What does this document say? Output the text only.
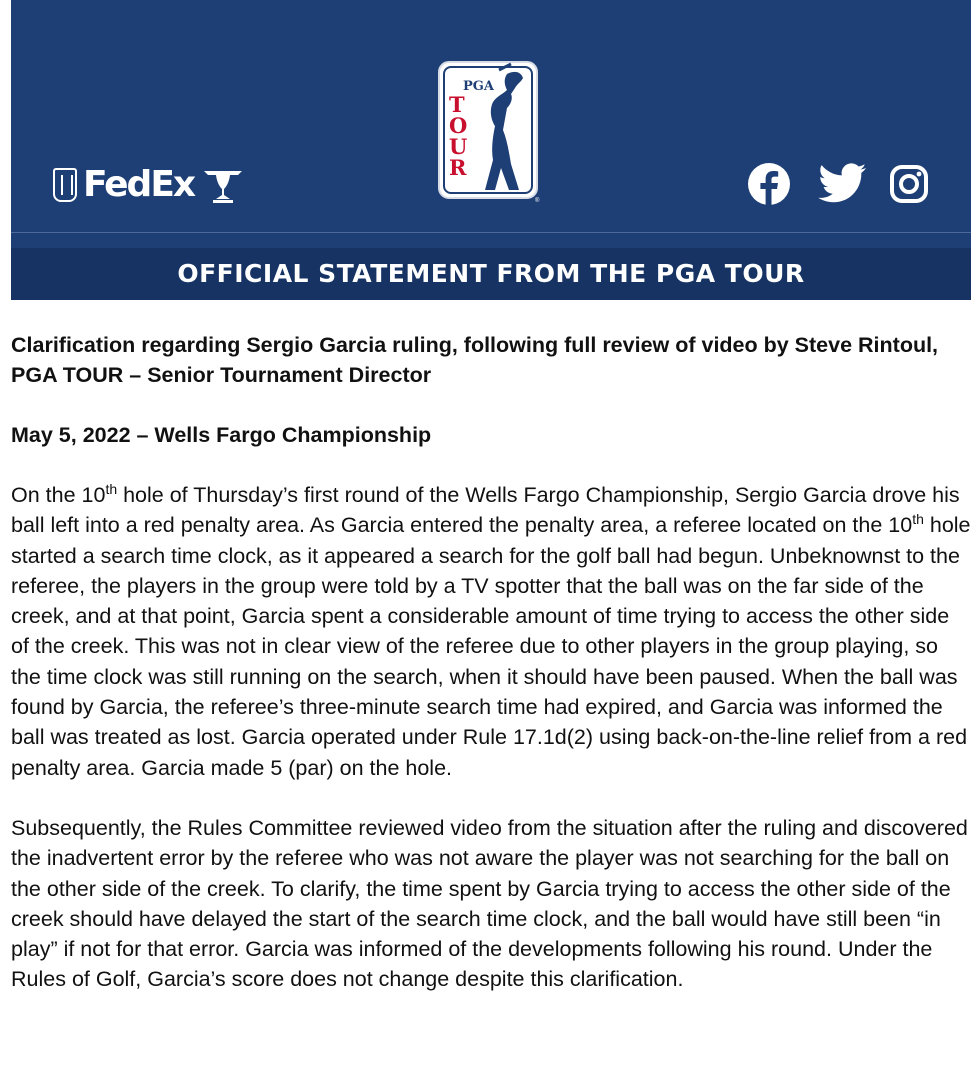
FedEx
PGA
T
O
U
R
®
OFFICIAL STATEMENT FROM THE PGA TOUR

Clarification regarding Sergio Garcia ruling, following full review of video by Steve Rintoul, PGA TOUR – Senior Tournament Director

May 5, 2022 – Wells Fargo Championship

On the 10th hole of Thursday’s first round of the Wells Fargo Championship, Sergio Garcia drove his ball left into a red penalty area. As Garcia entered the penalty area, a referee located on the 10th hole started a search time clock, as it appeared a search for the golf ball had begun. Unbeknownst to the referee, the players in the group were told by a TV spotter that the ball was on the far side of the creek, and at that point, Garcia spent a considerable amount of time trying to access the other side of the creek. This was not in clear view of the referee due to other players in the group playing, so the time clock was still running on the search, when it should have been paused. When the ball was found by Garcia, the referee’s three-minute search time had expired, and Garcia was informed the ball was treated as lost. Garcia operated under Rule 17.1d(2) using back-on-the-line relief from a red penalty area. Garcia made 5 (par) on the hole.

Subsequently, the Rules Committee reviewed video from the situation after the ruling and discovered the inadvertent error by the referee who was not aware the player was not searching for the ball on the other side of the creek. To clarify, the time spent by Garcia trying to access the other side of the creek should have delayed the start of the search time clock, and the ball would have still been “in play” if not for that error. Garcia was informed of the developments following his round. Under the Rules of Golf, Garcia’s score does not change despite this clarification.
